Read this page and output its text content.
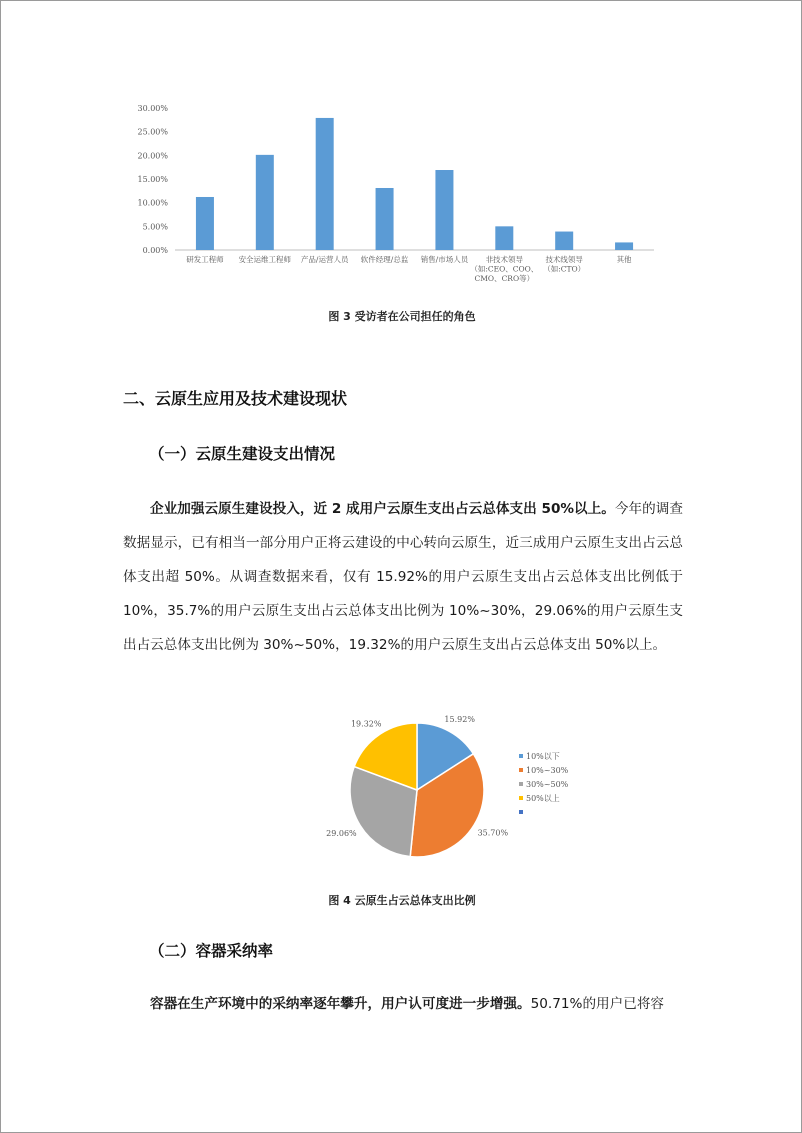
研发工程师 安全运维工程师 产品/运营人员 软件经理/总监 销售/市场人员 非技术领导
（如:CEO、COO、
CMO、CRO等）
技术线领导
（如:CTO）
其他
30.00%
25.00%
20.00%
15.00%
10.00%
5.00%
0.00%
图 3 受访者在公司担任的角色
二、云原生应用及技术建设现状
（一）云原生建设支出情况
企业加强云原生建设投入，近 2 成用户云原生支出占云总体支出 50%以上。今年的调查数据显示，已有相当一部分用户正将云建设的中心转向云原生，近三成用户云原生支出占云总体支出超 50%。从调查数据来看，仅有 15.92%的用户云原生支出占云总体支出比例低于 10%，35.7%的用户云原生支出占云总体支出比例为 10%~30%，29.06%的用户云原生支出占云总体支出比例为 30%~50%，19.32%的用户云原生支出占云总体支出 50%以上。
15.92%
35.70%
29.06%
19.32%
10%以下
10%~30%
30%~50%
50%以上
图 4 云原生占云总体支出比例
（二）容器采纳率
容器在生产环境中的采纳率逐年攀升，用户认可度进一步增强。50.71%的用户已将容
